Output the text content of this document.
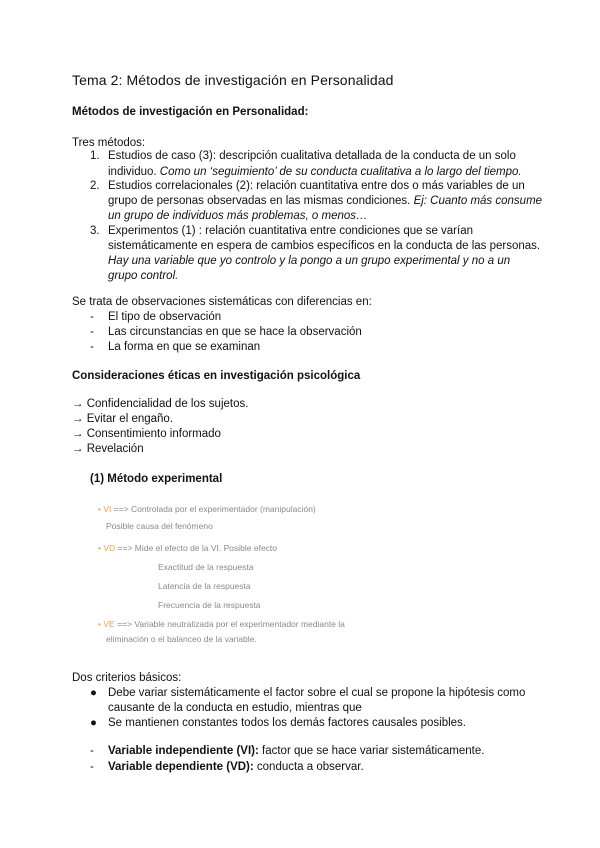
Tema 2: Métodos de investigación en Personalidad
Métodos de investigación en Personalidad:
Tres métodos:
1. Estudios de caso (3): descripción cualitativa detallada de la conducta de un solo
individuo. Como un ‘seguimiento’ de su conducta cualitativa a lo largo del tiempo.
2. Estudios correlacionales (2): relación cuantitativa entre dos o más variables de un
grupo de personas observadas en las mismas condiciones. Ej: Cuanto más consume
un grupo de individuos más problemas, o menos…
3. Experimentos (1) : relación cuantitativa entre condiciones que se varían
sistemáticamente en espera de cambios específicos en la conducta de las personas.
Hay una variable que yo controlo y la pongo a un grupo experimental y no a un
grupo control.
Se trata de observaciones sistemáticas con diferencias en:
- El tipo de observación
- Las circunstancias en que se hace la observación
- La forma en que se examinan
Consideraciones éticas en investigación psicológica
→ Confidencialidad de los sujetos.
→ Evitar el engaño.
→ Consentimiento informado
→ Revelación
(1) Método experimental
• VI ==> Controlada por el experimentador (manipulación)
Posible causa del fenómeno
• VD ==> Mide el efecto de la VI. Posible efecto
Exactitud de la respuesta
Latencia de la respuesta
Frecuencia de la respuesta
• VE ==> Variable neutralizada por el experimentador mediante la
eliminación o el balanceo de la variable.
Dos criterios básicos:
● Debe variar sistemáticamente el factor sobre el cual se propone la hipótesis como
causante de la conducta en estudio, mientras que
● Se mantienen constantes todos los demás factores causales posibles.
- Variable independiente (VI): factor que se hace variar sistemáticamente.
- Variable dependiente (VD): conducta a observar.
